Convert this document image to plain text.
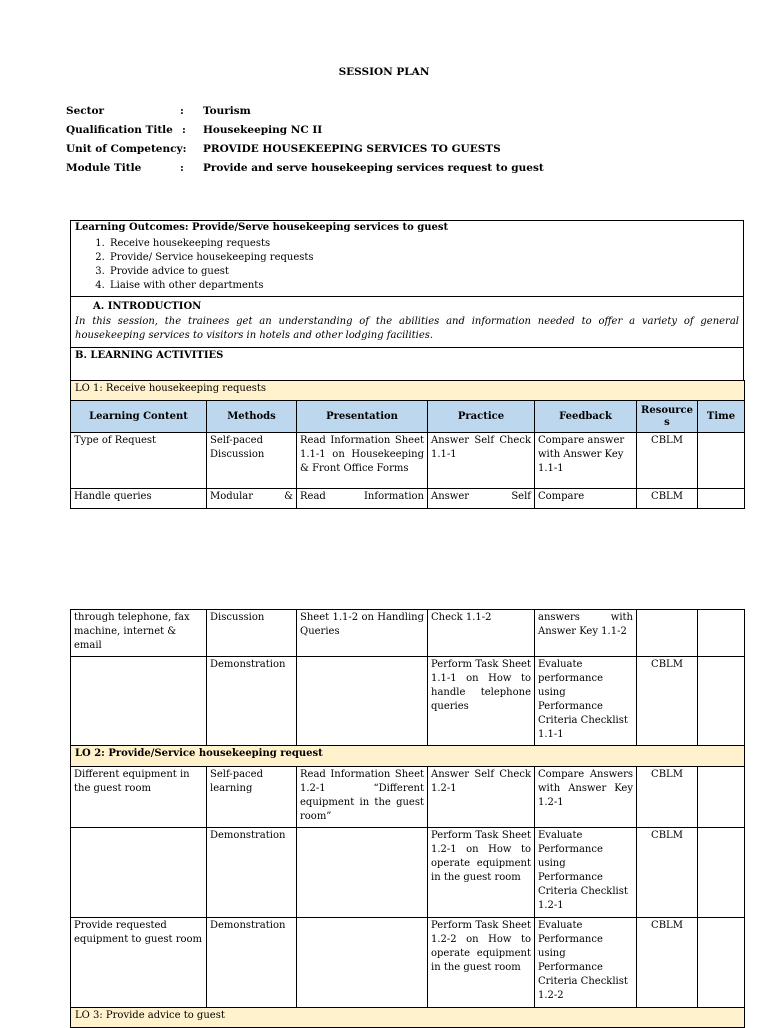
SESSION PLAN
Sector	: Tourism
Qualification Title : Housekeeping NC II
Unit of Competency: PROVIDE HOUSEKEEPING SERVICES TO GUESTS
Module Title	: Provide and serve housekeeping services request to guest
Learning Outcomes: Provide/Serve housekeeping services to guest
1. Receive housekeeping requests
2. Provide/ Service housekeeping requests
3. Provide advice to guest
4. Liaise with other departments
A. INTRODUCTION
In this session, the trainees get an understanding of the abilities and information needed to offer a variety of general housekeeping services to visitors in hotels and other lodging facilities.
B. LEARNING ACTIVITIES
LO 1: Receive housekeeping requests						
Learning Content	Methods	Presentation	Practice	Feedback	Resources	Time
Type of Request	Self-paced Discussion	Read Information Sheet 1.1-1 on Housekeeping & Front Office Forms	Answer Self Check 1.1-1	Compare answer with Answer Key 1.1-1	CBLM	
Handle queries	Modular &	Read Information	Answer Self	Compare	CBLM	
through telephone, fax machine, internet & email	Discussion	Sheet 1.1-2 on Handling Queries	Check 1.1-2	answers with Answer Key 1.1-2		
	Demonstration		Perform Task Sheet 1.1-1 on How to handle telephone queries	Evaluate performance using Performance Criteria Checklist 1.1-1	CBLM	
LO 2: Provide/Service housekeeping request						
Different equipment in the guest room	Self-paced learning	Read Information Sheet 1.2-1 “Different equipment in the guest room”	Answer Self Check 1.2-1	Compare Answers with Answer Key 1.2-1	CBLM	
	Demonstration		Perform Task Sheet 1.2-1 on How to operate equipment in the guest room	Evaluate Performance using Performance Criteria Checklist 1.2-1	CBLM	
Provide requested equipment to guest room	Demonstration		Perform Task Sheet 1.2-2 on How to operate equipment in the guest room	Evaluate Performance using Performance Criteria Checklist 1.2-2	CBLM	
LO 3: Provide advice to guest						
